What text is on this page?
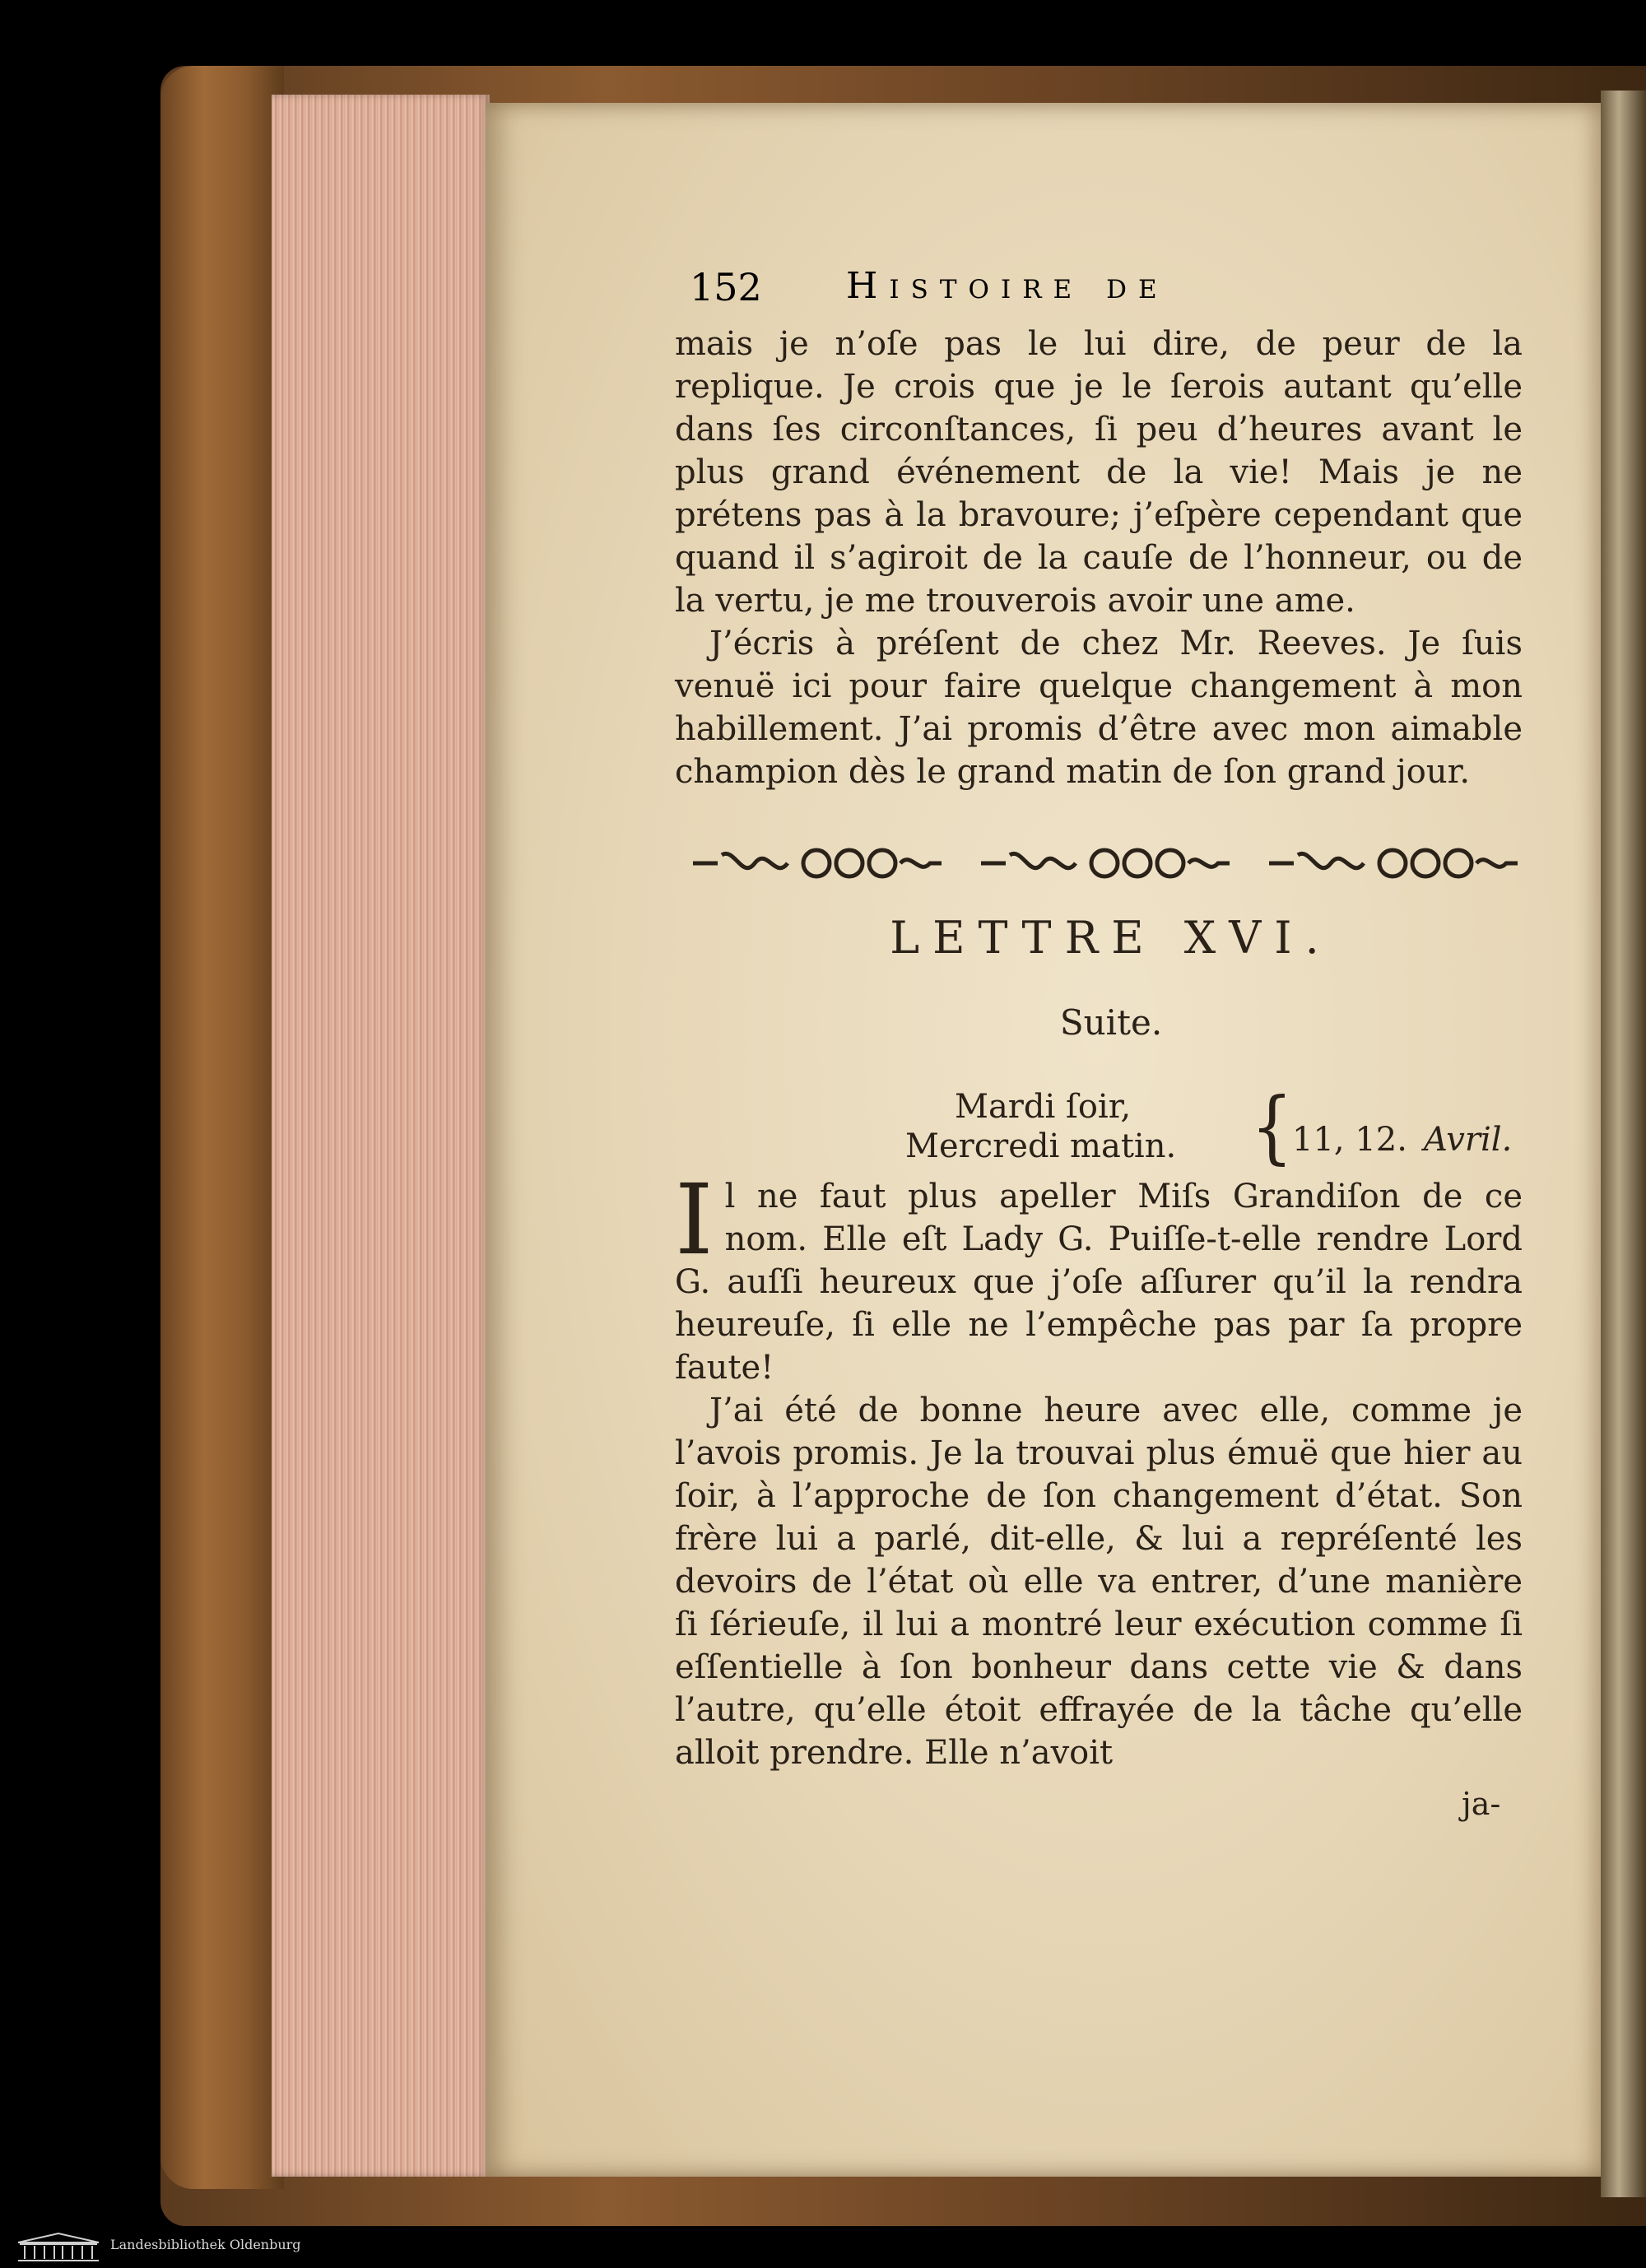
152 Histoire de

mais je n’oſe pas le lui dire, de peur de la replique. Je crois que je le ſerois autant qu’elle dans ſes circonſtances, ſi peu d’heures avant le plus grand événement de la vie! Mais je ne prétens pas à la bravoure; j’eſpère cependant que quand il s’agiroit de la cauſe de l’honneur, ou de la vertu, je me trouverois avoir une ame.

J’écris à préſent de chez Mr. Reeves. Je ſuis venuë ici pour faire quelque changement à mon habillement. J’ai promis d’être avec mon aimable champion dès le grand matin de ſon grand jour.

LETTRE XVI.
Suite.
Mardi ſoir,
Mercredi matin. { 11, 12. Avril.

Il ne faut plus apeller Miſs Grandiſon de ce nom. Elle eſt Lady G. Puiſſe-t-elle rendre Lord G. auſſi heureux que j’oſe aſſurer qu’il la rendra heureuſe, ſi elle ne l’empêche pas par ſa propre faute!

J’ai été de bonne heure avec elle, comme je l’avois promis. Je la trouvai plus émuë que hier au ſoir, à l’approche de ſon changement d’état. Son frère lui a parlé, dit-elle, & lui a repréſenté les devoirs de l’état où elle va entrer, d’une manière ſi ſérieuſe, il lui a montré leur exécution comme ſi eſſentielle à ſon bonheur dans cette vie & dans l’autre, qu’elle étoit effrayée de la tâche qu’elle alloit prendre. Elle n’avoit

ja-
Landesbibliothek Oldenburg
